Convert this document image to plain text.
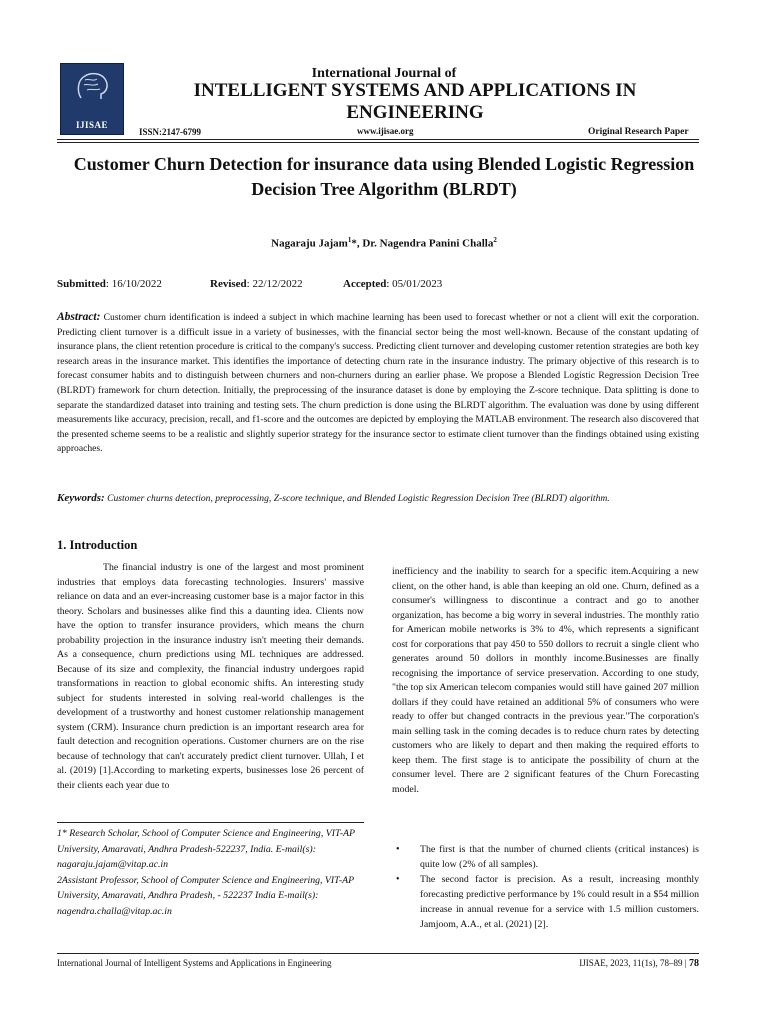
IJISAE
International Journal of
INTELLIGENT SYSTEMS AND APPLICATIONS IN ENGINEERING
ISSN:2147-6799	www.ijisae.org	Original Research Paper
Customer Churn Detection for insurance data using Blended Logistic Regression Decision Tree Algorithm (BLRDT)
Nagaraju Jajam$^1$*, Dr. Nagendra Panini Challa$^2$
Submitted: 16/10/2022	Revised: 22/12/2022	Accepted: 05/01/2023
Abstract: Customer churn identification is indeed a subject in which machine learning has been used to forecast whether or not a client will exit the corporation. Predicting client turnover is a difficult issue in a variety of businesses, with the financial sector being the most well-known. Because of the constant updating of insurance plans, the client retention procedure is critical to the company's success. Predicting client turnover and developing customer retention strategies are both key research areas in the insurance market. This identifies the importance of detecting churn rate in the insurance industry. The primary objective of this research is to forecast consumer habits and to distinguish between churners and non-churners during an earlier phase. We propose a Blended Logistic Regression Decision Tree (BLRDT) framework for churn detection. Initially, the preprocessing of the insurance dataset is done by employing the Z-score technique. Data splitting is done to separate the standardized dataset into training and testing sets. The churn prediction is done using the BLRDT algorithm. The evaluation was done by using different measurements like accuracy, precision, recall, and f1-score and the outcomes are depicted by employing the MATLAB environment. The research also discovered that the presented scheme seems to be a realistic and slightly superior strategy for the insurance sector to estimate client turnover than the findings obtained using existing approaches.
Keywords: Customer churns detection, preprocessing, Z-score technique, and Blended Logistic Regression Decision Tree (BLRDT) algorithm.
1. Introduction
The financial industry is one of the largest and most prominent industries that employs data forecasting technologies. Insurers' massive reliance on data and an ever-increasing customer base is a major factor in this theory. Scholars and businesses alike find this a daunting idea. Clients now have the option to transfer insurance providers, which means the churn probability projection in the insurance industry isn't meeting their demands. As a consequence, churn predictions using ML techniques are addressed. Because of its size and complexity, the financial industry undergoes rapid transformations in reaction to global economic shifts. An interesting study subject for students interested in solving real-world challenges is the development of a trustworthy and honest customer relationship management system (CRM). Insurance churn prediction is an important research area for fault detection and recognition operations. Customer churners are on the rise because of technology that can't accurately predict client turnover. Ullah, I et al. (2019) [1].According to marketing experts, businesses lose 26 percent of their clients each year due to
inefficiency and the inability to search for a specific item.Acquiring a new client, on the other hand, is able than keeping an old one. Churn, defined as a consumer's willingness to discontinue a contract and go to another organization, has become a big worry in several industries. The monthly ratio for American mobile networks is 3% to 4%, which represents a significant cost for corporations that pay 450 to 550 dollors to recruit a single client who generates around 50 dollors in monthly income.Businesses are finally recognising the importance of service preservation. According to one study, "the top six American telecom companies would still have gained 207 million dollars if they could have retained an additional 5% of consumers who were ready to offer but changed contracts in the previous year."The corporation's main selling task in the coming decades is to reduce churn rates by detecting customers who are likely to depart and then making the required efforts to keep them. The first stage is to anticipate the possibility of churn at the consumer level. There are 2 significant features of the Churn Forecasting model.
1* Research Scholar, School of Computer Science and Engineering, VIT-AP
University, Amaravati, Andhra Pradesh-522237, India. E-mail(s): nagaraju.jajam@vitap.ac.in
2Assistant Professor, School of Computer Science and Engineering, VIT-AP
University, Amaravati, Andhra Pradesh, - 522237 India E-mail(s): nagendra.challa@vitap.ac.in
• The first is that the number of churned clients (critical instances) is quite low (2% of all samples).
• The second factor is precision. As a result, increasing monthly forecasting predictive performance by 1% could result in a $54 million increase in annual revenue for a service with 1.5 million customers. Jamjoom, A.A., et al. (2021) [2].
International Journal of Intelligent Systems and Applications in Engineering	IJISAE, 2023, 11(1s), 78–89 | 78
